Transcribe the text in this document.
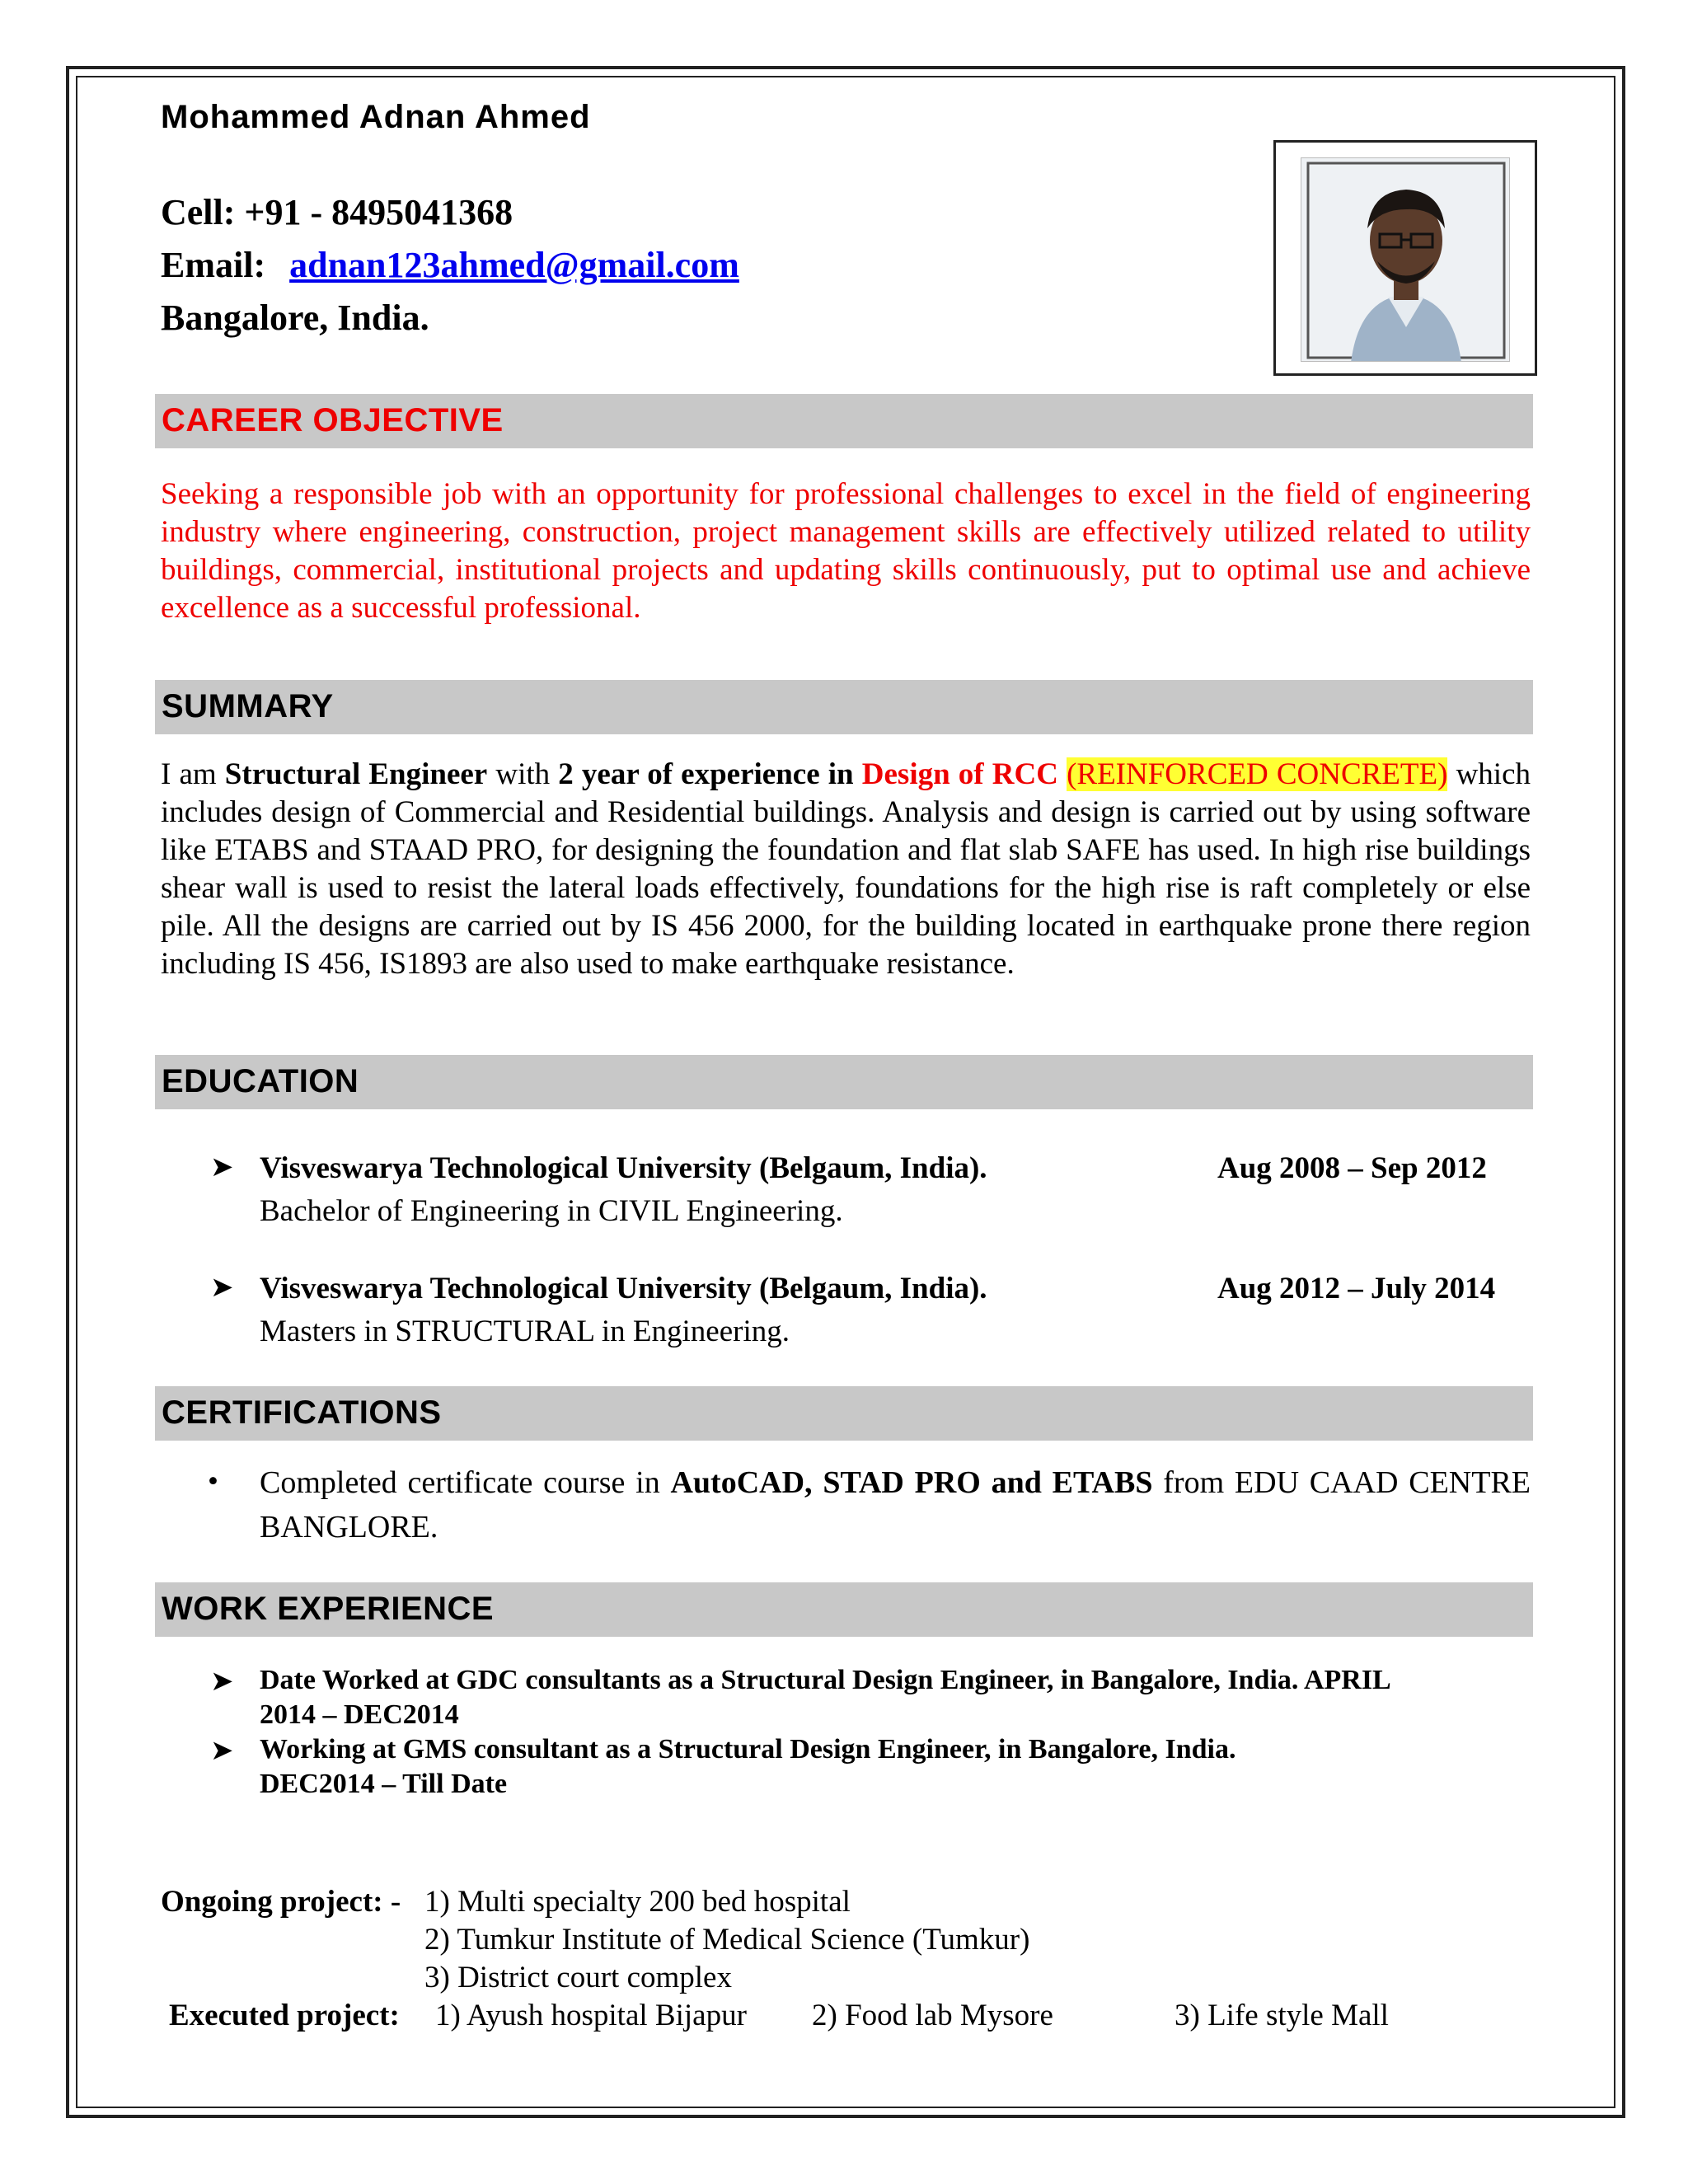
Mohammed Adnan Ahmed
Cell: +91 - 8495041368
Email: adnan123ahmed@gmail.com
Bangalore, India.
CAREER OBJECTIVE
Seeking a responsible job with an opportunity for professional challenges to excel in the field of engineering industry where engineering, construction, project management skills are effectively utilized related to utility buildings, commercial, institutional projects and updating skills continuously, put to optimal use and achieve excellence as a successful professional.
SUMMARY
I am Structural Engineer with 2 year of experience in Design of RCC (REINFORCED CONCRETE) which includes design of Commercial and Residential buildings. Analysis and design is carried out by using software like ETABS and STAAD PRO, for designing the foundation and flat slab SAFE has used. In high rise buildings shear wall is used to resist the lateral loads effectively, foundations for the high rise is raft completely or else pile. All the designs are carried out by IS 456 2000, for the building located in earthquake prone there region including IS 456, IS1893 are also used to make earthquake resistance.
EDUCATION
➤ Visveswarya Technological University (Belgaum, India).	Aug 2008 – Sep 2012
Bachelor of Engineering in CIVIL Engineering.
➤ Visveswarya Technological University (Belgaum, India).	Aug 2012 – July 2014
Masters in STRUCTURAL in Engineering.
CERTIFICATIONS
• Completed certificate course in AutoCAD, STAD PRO and ETABS from EDU CAAD CENTRE BANGLORE.
WORK EXPERIENCE
➤ Date Worked at GDC consultants as a Structural Design Engineer, in Bangalore, India. APRIL
2014 – DEC2014
➤ Working at GMS consultant as a Structural Design Engineer, in Bangalore, India.
DEC2014 – Till Date
Ongoing project: - 1) Multi specialty 200 bed hospital
2) Tumkur Institute of Medical Science (Tumkur)
3) District court complex
Executed project: 1) Ayush hospital Bijapur 2) Food lab Mysore	3) Life style Mall
